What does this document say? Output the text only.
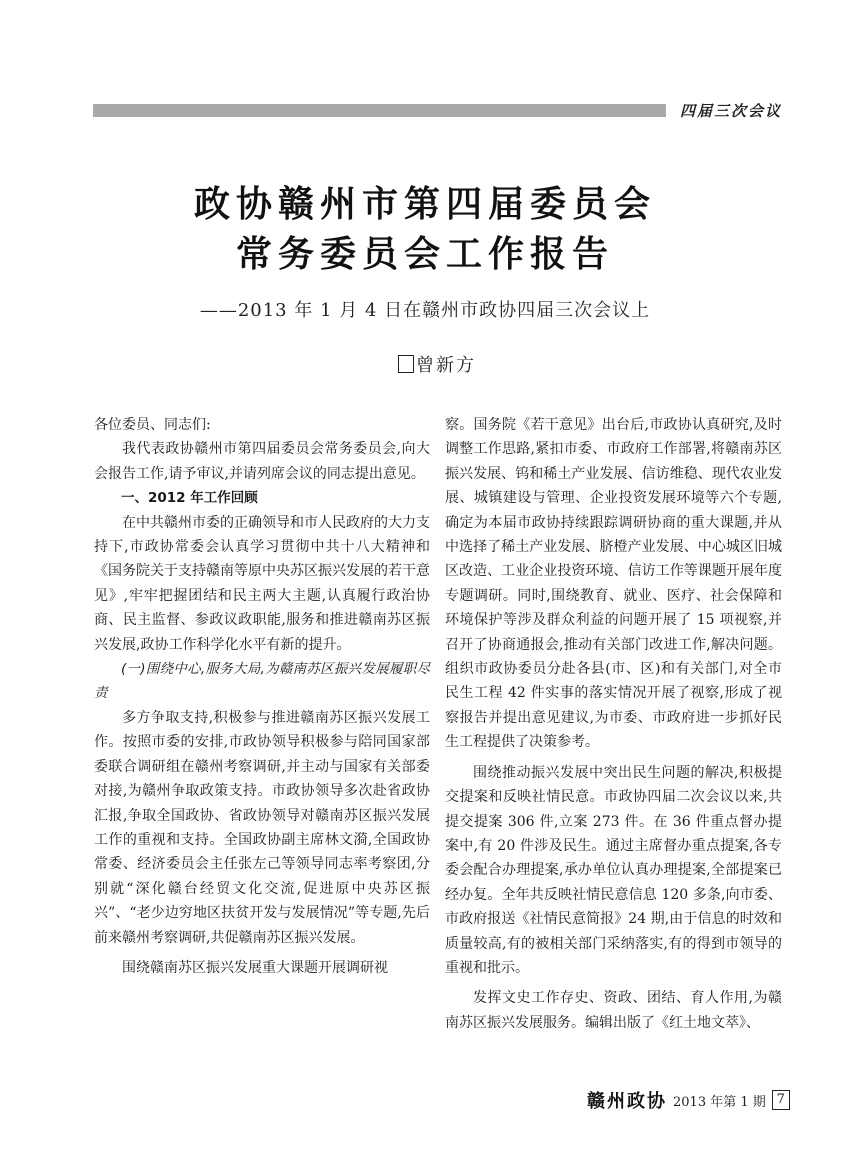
四届三次会议
政协赣州市第四届委员会
常务委员会工作报告
——2013 年 1 月 4 日在赣州市政协四届三次会议上
曾新方

各位委员、同志们:

我代表政协赣州市第四届委员会常务委员会,向大会报告工作,请予审议,并请列席会议的同志提出意见。

一、2012 年工作回顾

在中共赣州市委的正确领导和市人民政府的大力支持下,市政协常委会认真学习贯彻中共十八大精神和《国务院关于支持赣南等原中央苏区振兴发展的若干意见》,牢牢把握团结和民主两大主题,认真履行政治协商、民主监督、参政议政职能,服务和推进赣南苏区振兴发展,政协工作科学化水平有新的提升。

(一)围绕中心,服务大局,为赣南苏区振兴发展履职尽责

多方争取支持,积极参与推进赣南苏区振兴发展工作。按照市委的安排,市政协领导积极参与陪同国家部委联合调研组在赣州考察调研,并主动与国家有关部委对接,为赣州争取政策支持。市政协领导多次赴省政协汇报,争取全国政协、省政协领导对赣南苏区振兴发展工作的重视和支持。全国政协副主席林文漪,全国政协常委、经济委员会主任张左己等领导同志率考察团,分别就“深化赣台经贸文化交流,促进原中央苏区振兴”、“老少边穷地区扶贫开发与发展情况”等专题,先后前来赣州考察调研,共促赣南苏区振兴发展。

围绕赣南苏区振兴发展重大课题开展调研视

察。国务院《若干意见》出台后,市政协认真研究,及时调整工作思路,紧扣市委、市政府工作部署,将赣南苏区振兴发展、钨和稀土产业发展、信访维稳、现代农业发展、城镇建设与管理、企业投资发展环境等六个专题,确定为本届市政协持续跟踪调研协商的重大课题,并从中选择了稀土产业发展、脐橙产业发展、中心城区旧城区改造、工业企业投资环境、信访工作等课题开展年度专题调研。同时,围绕教育、就业、医疗、社会保障和环境保护等涉及群众利益的问题开展了 15 项视察,并召开了协商通报会,推动有关部门改进工作,解决问题。组织市政协委员分赴各县(市、区)和有关部门,对全市民生工程 42 件实事的落实情况开展了视察,形成了视察报告并提出意见建议,为市委、市政府进一步抓好民生工程提供了决策参考。

围绕推动振兴发展中突出民生问题的解决,积极提交提案和反映社情民意。市政协四届二次会议以来,共提交提案 306 件,立案 273 件。在 36 件重点督办提案中,有 20 件涉及民生。通过主席督办重点提案,各专委会配合办理提案,承办单位认真办理提案,全部提案已经办复。全年共反映社情民意信息 120 多条,向市委、市政府报送《社情民意简报》24 期,由于信息的时效和质量较高,有的被相关部门采纳落实,有的得到市领导的重视和批示。

发挥文史工作存史、资政、团结、育人作用,为赣南苏区振兴发展服务。编辑出版了《红土地文萃》、

赣州政协 2013 年第 1 期 7
